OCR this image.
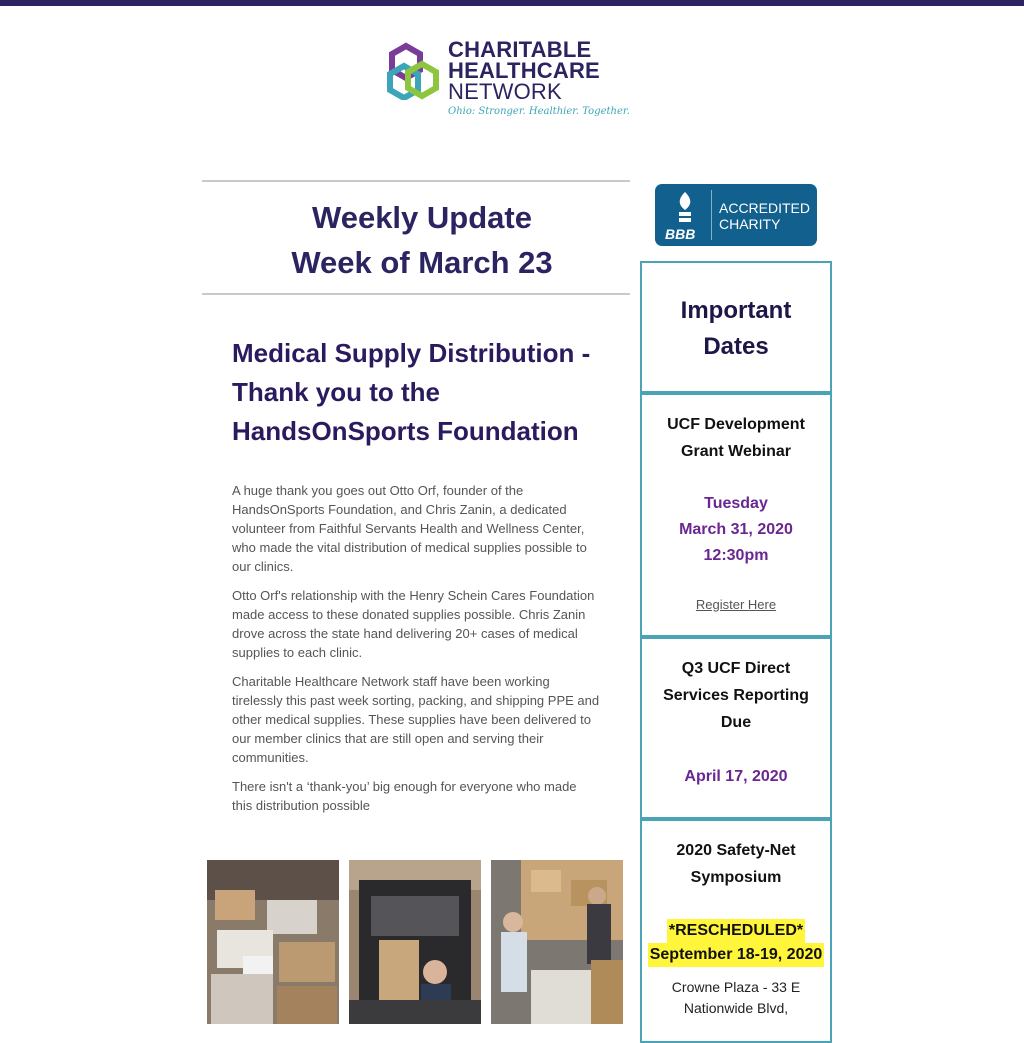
CHARITABLE
HEALTHCARE
NETWORK
Ohio: Stronger. Healthier. Together.
Weekly Update
Week of March 23
Medical Supply Distribution - Thank you to the HandsOnSports Foundation

A huge thank you goes out Otto Orf, founder of the HandsOnSports Foundation, and Chris Zanin, a dedicated volunteer from Faithful Servants Health and Wellness Center, who made the vital distribution of medical supplies possible to our clinics.

Otto Orf's relationship with the Henry Schein Cares Foundation made access to these donated supplies possible. Chris Zanin drove across the state hand delivering 20+ cases of medical supplies to each clinic.

Charitable Healthcare Network staff have been working tirelessly this past week sorting, packing, and shipping PPE and other medical supplies. These supplies have been delivered to our member clinics that are still open and serving their communities.

There isn't a ‘thank-you’ big enough for everyone who made this distribution possible

BBB
ACCREDITED
CHARITY
Important
Dates
UCF Development
Grant Webinar
Tuesday
March 31, 2020
12:30pm
Register Here
Q3 UCF Direct
Services Reporting
Due
April 17, 2020
2020 Safety-Net
Symposium
*RESCHEDULED*
September 18-19, 2020
Crowne Plaza - 33 E
Nationwide Blvd,
